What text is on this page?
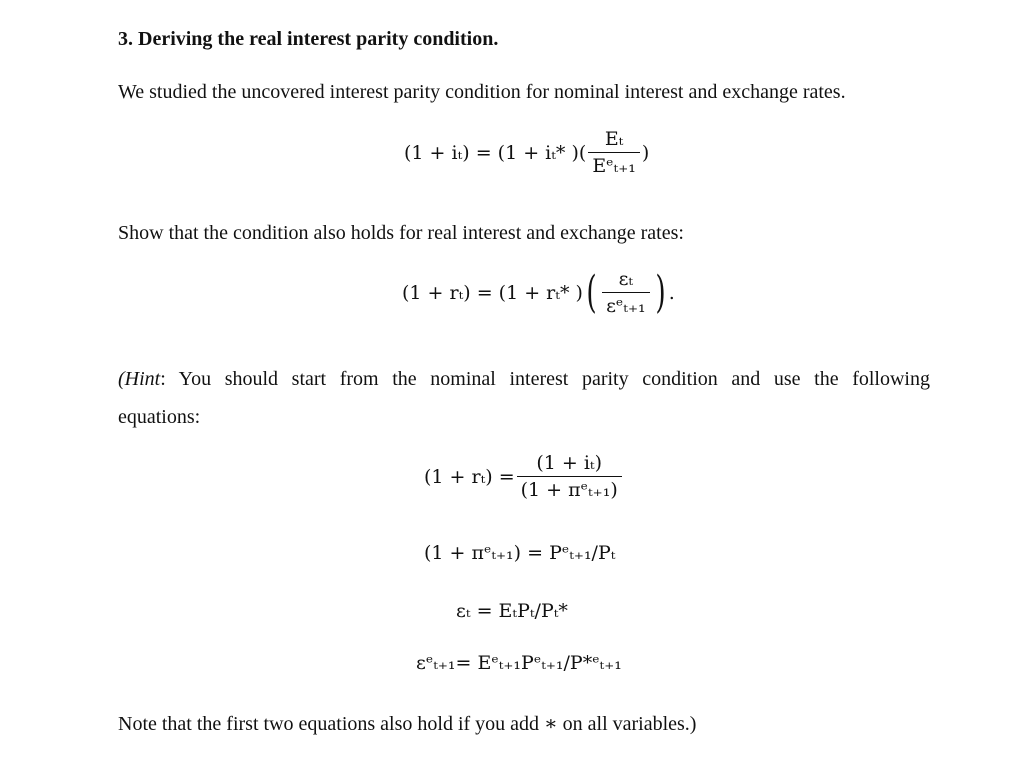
3. Deriving the real interest parity condition.
We studied the uncovered interest parity condition for nominal interest and exchange rates.
(1 + iₜ) = (1 + iₜ* )( $\frac{\text{Eₜ}}{\text{Eᵉₜ₊₁}}$ )
Show that the condition also holds for real interest and exchange rates:
(1 + rₜ) = (1 + rₜ* ) ( $\frac{\text{εₜ}}{\text{εᵉₜ₊₁}}$ ) .
(Hint: You should start from the nominal interest parity condition and use the following
equations:
$(1 + r_t) = \frac{\text{(1 + iₜ)}}{\text{(1 + πᵉₜ₊₁)}}$
(1 + πᵉₜ₊₁) = Pᵉₜ₊₁/Pₜ
εₜ = EₜPₜ/Pₜ*
εᵉₜ₊₁= Eᵉₜ₊₁Pᵉₜ₊₁/P*ᵉₜ₊₁
Note that the first two equations also hold if you add ∗ on all variables.)
